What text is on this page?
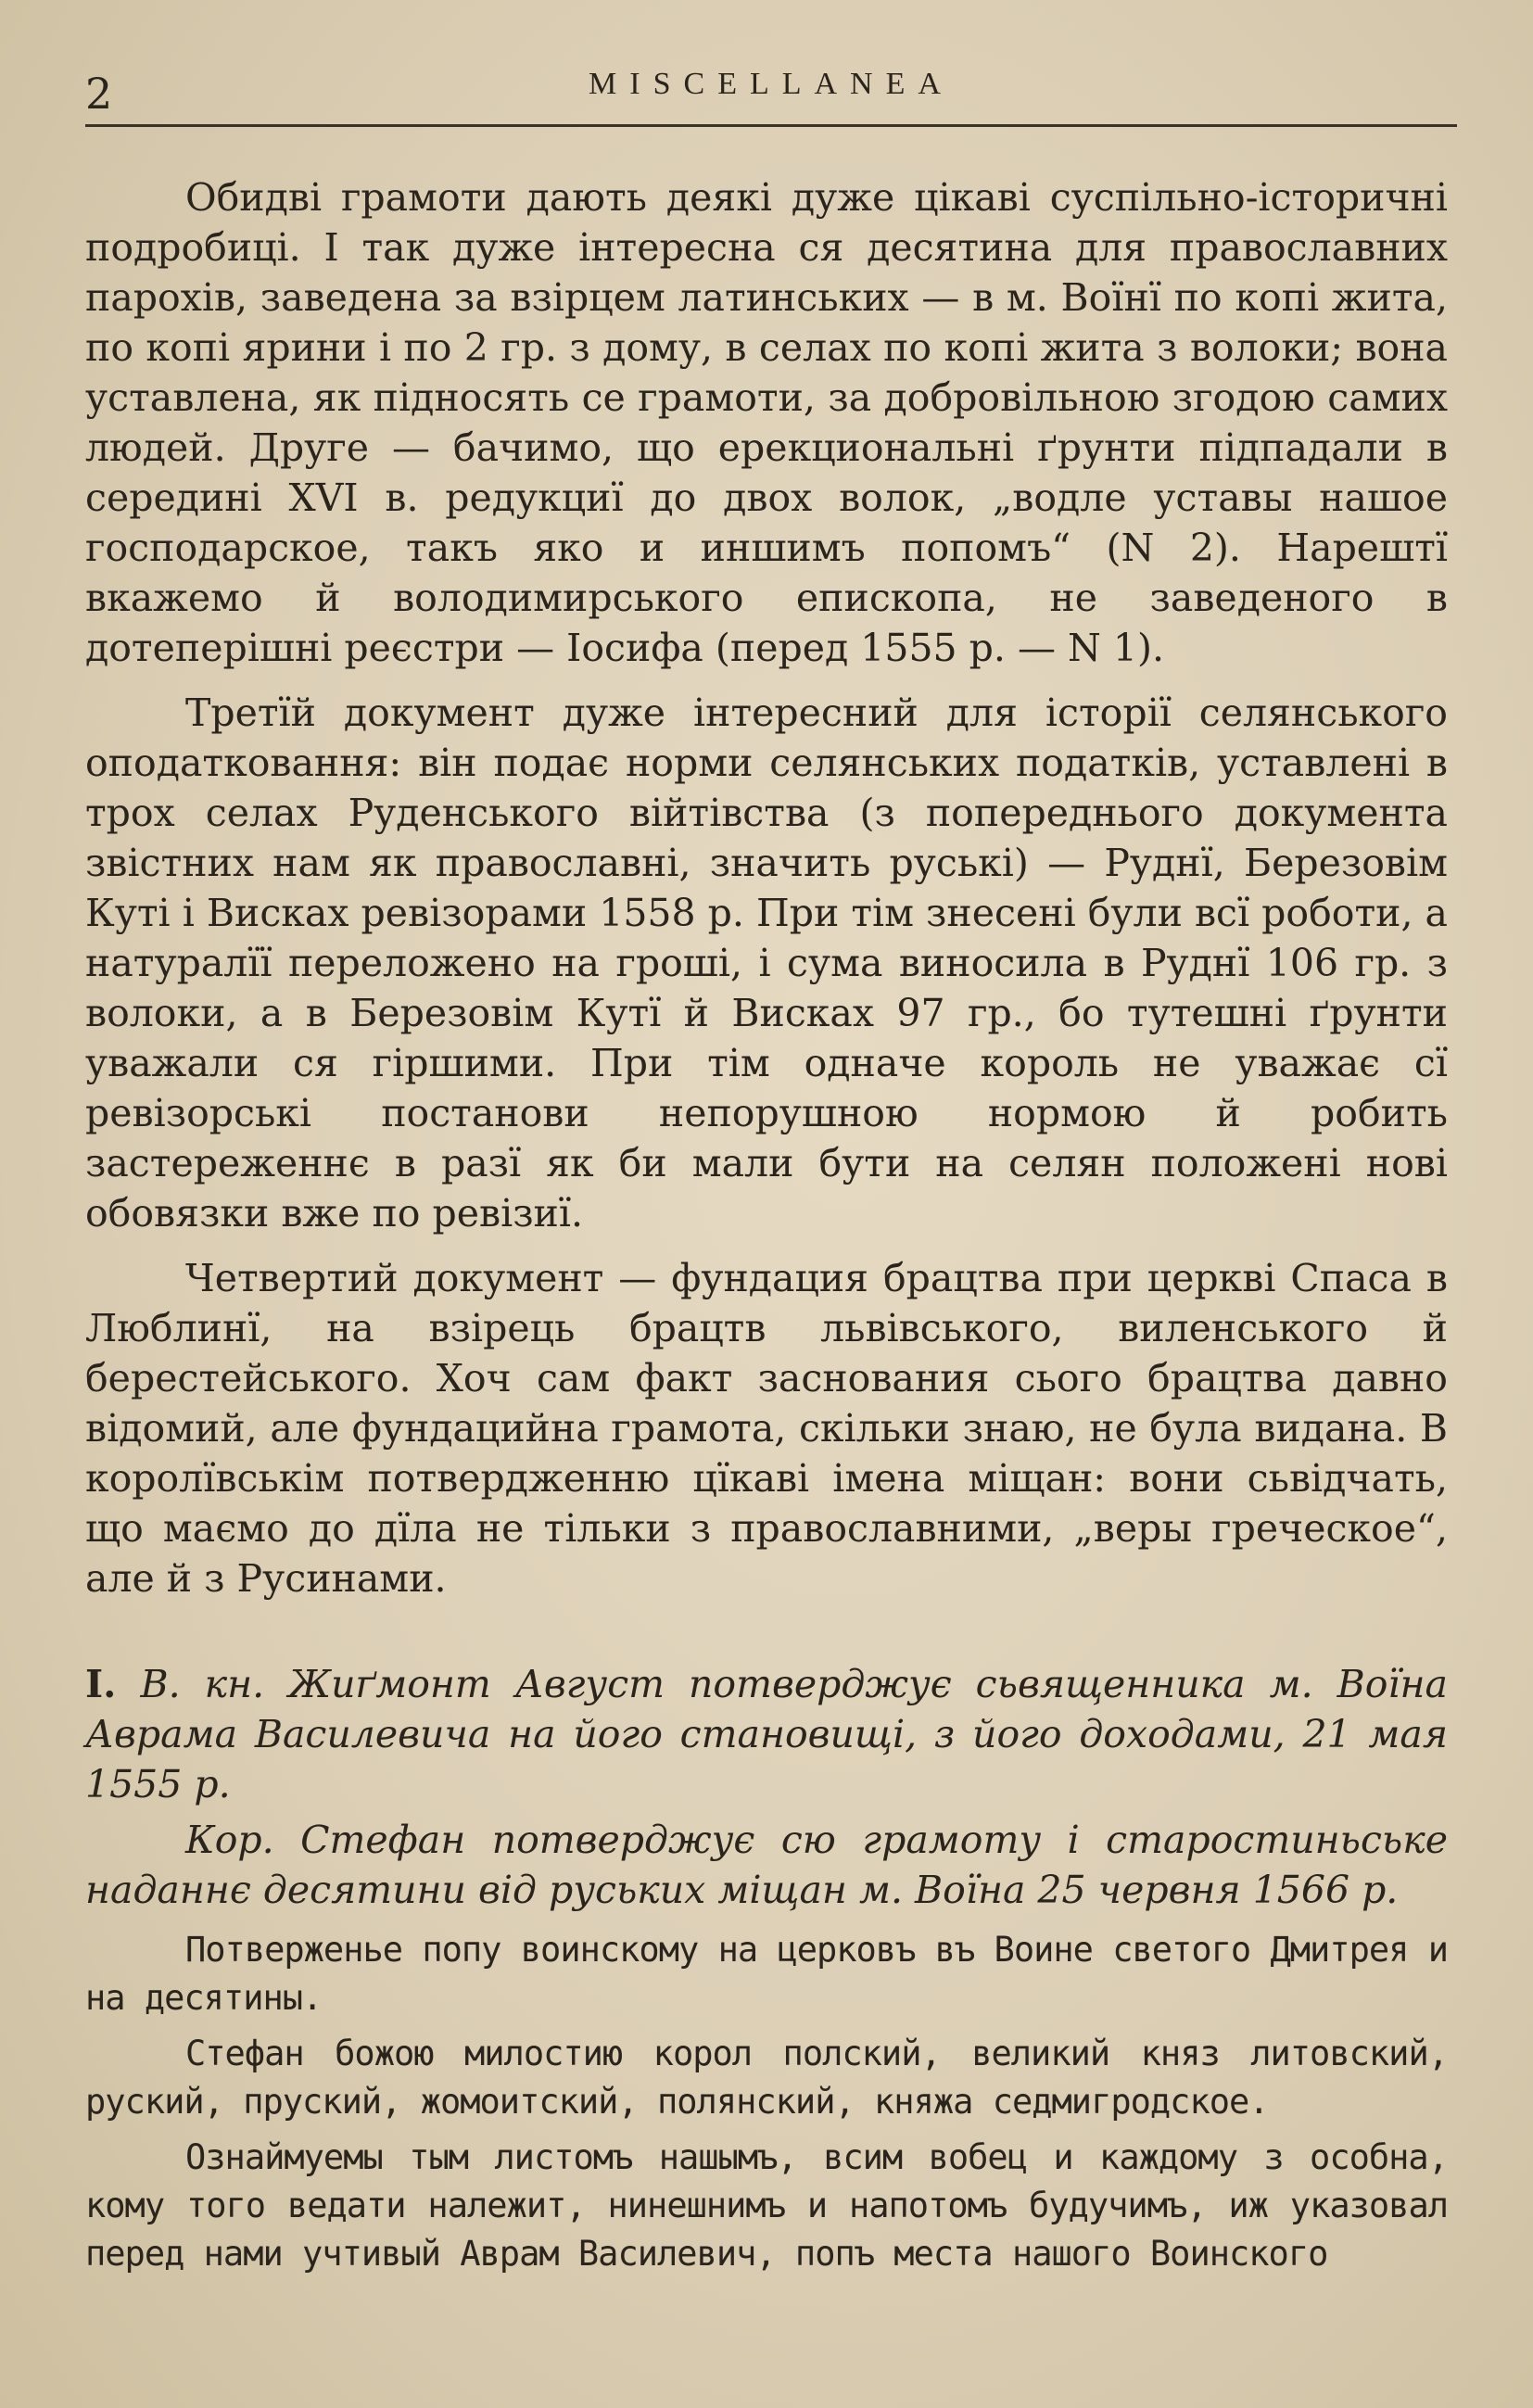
2	MISCELLANEA

Обидві грамоти дають деякі дуже цікаві суспільно-історичні подробиці. І так дуже інтересна ся десятина для православних парохів, заведена за взірцем латинських — в м. Воїнї по копі жита, по копі ярини і по 2 гр. з дому, в селах по копі жита з волоки; вона уставлена, як підносять се грамоти, за добровільною згодою самих людей. Друге — бачимо, що ерекциональні ґрунти підпадали в середині XVI в. редукциї до двох волок, „водле уставы нашое господарское, такъ яко и иншимъ попомъ“ (N 2). Нарештї вкажемо й володимирського епископа, не заведеного в дотеперішні реєстри — Іосифа (перед 1555 р. — N 1).

Третїй документ дуже інтересний для історії селянського оподатковання: він подає норми селянських податків, уставлені в трох селах Руденського війтівства (з попереднього документа звістних нам як православні, значить руські) — Руднї, Березовім Куті і Висках ревізорами 1558 р. При тім знесені були всї роботи, а натуралїї переложено на гроші, і сума виносила в Руднї 106 гр. з волоки, а в Березовім Кутї й Висках 97 гр., бо тутешні ґрунти уважали ся гіршими. При тім одначе король не уважає сї ревізорські постанови непорушною нормою й робить застереженнє в разї як би мали бути на селян положені нові обовязки вже по ревізиї.

Четвертий документ — фундация брацтва при церкві Спаса в Люблинї, на взірець брацтв львівського, виленського й берестейського. Хоч сам факт заснования сього брацтва давно відомий, але фундацийна грамота, скільки знаю, не була видана. В королївськім потвердженню цїкаві імена міщан: вони сьвідчать, що маємо до дїла не тільки з православними, „веры греческое“, але й з Русинами.

I. В. кн. Жиґмонт Август потверджує сьвященника м. Воїна Аврама Василевича на його становищі, з його доходами, 21 мая 1555 р.

Кор. Стефан потверджує сю грамоту і старостиньське наданнє десятини від руських міщан м. Воїна 25 червня 1566 р.

Потверженье попу воинскому на церковъ въ Воине светого Дмитрея и на десятины.

Стефан божою милостию корол полский, великий княз литовский, руский, пруский, жомоитский, полянский, княжа седмигродское.

Ознаймуемы тым листомъ нашымъ, всим вобец и каждому з особна, кому того ведати належит, нинешнимъ и напотомъ будучимъ, иж указовал перед нами учтивый Аврам Василевич, попъ места нашого Воинского
